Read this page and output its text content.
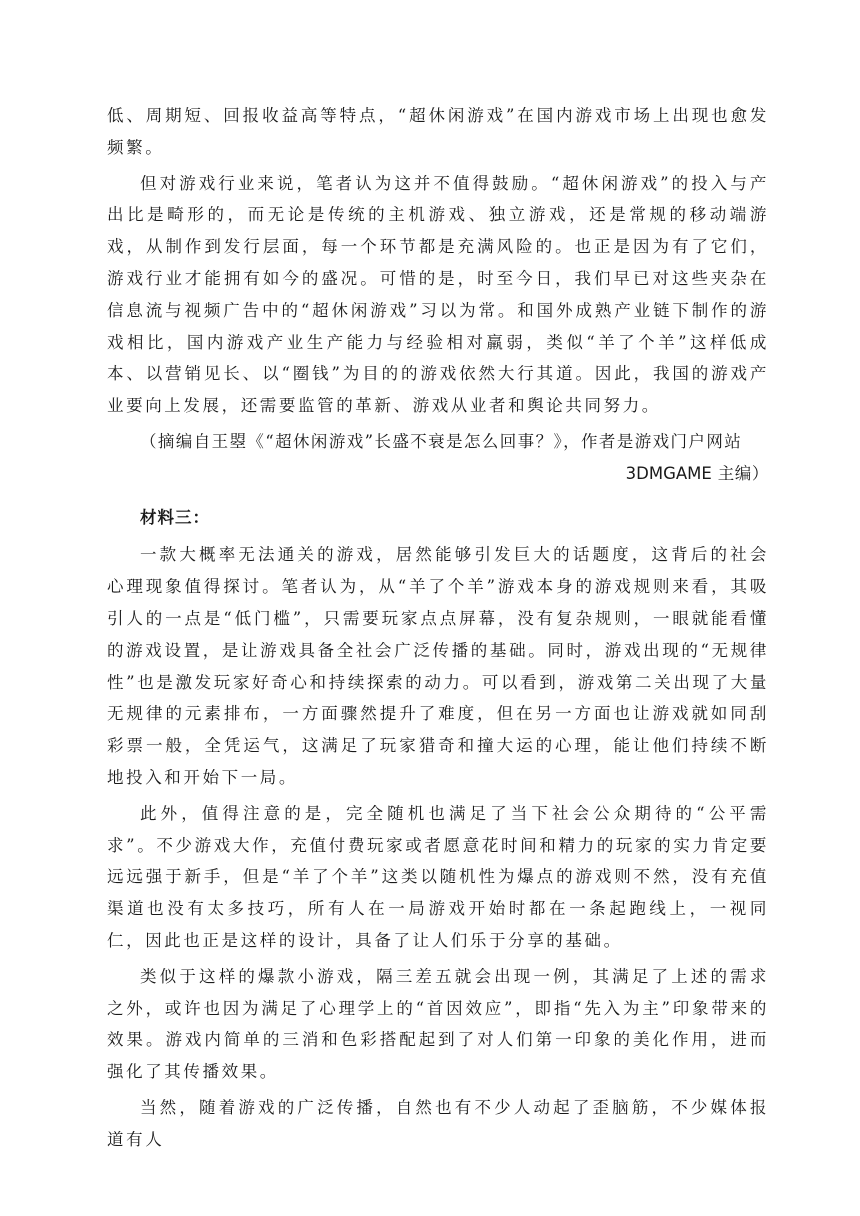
低、周期短、回报收益高等特点，“超休闲游戏”在国内游戏市场上出现也愈发频繁。

但对游戏行业来说，笔者认为这并不值得鼓励。“超休闲游戏”的投入与产出比是畸形的，而无论是传统的主机游戏、独立游戏，还是常规的移动端游戏，从制作到发行层面，每一个环节都是充满风险的。也正是因为有了它们，游戏行业才能拥有如今的盛况。可惜的是，时至今日，我们早已对这些夹杂在信息流与视频广告中的“超休闲游戏”习以为常。和国外成熟产业链下制作的游戏相比，国内游戏产业生产能力与经验相对羸弱，类似“羊了个羊”这样低成本、以营销见长、以“圈钱”为目的的游戏依然大行其道。因此，我国的游戏产业要向上发展，还需要监管的革新、游戏从业者和舆论共同努力。

（摘编自王曌《“超休闲游戏”长盛不衰是怎么回事？》，作者是游戏门户网站

3DMGAME 主编）

材料三：

一款大概率无法通关的游戏，居然能够引发巨大的话题度，这背后的社会心理现象值得探讨。笔者认为，从“羊了个羊”游戏本身的游戏规则来看，其吸引人的一点是“低门槛”，只需要玩家点点屏幕，没有复杂规则，一眼就能看懂的游戏设置，是让游戏具备全社会广泛传播的基础。同时，游戏出现的“无规律性”也是激发玩家好奇心和持续探索的动力。可以看到，游戏第二关出现了大量无规律的元素排布，一方面骤然提升了难度，但在另一方面也让游戏就如同刮彩票一般，全凭运气，这满足了玩家猎奇和撞大运的心理，能让他们持续不断地投入和开始下一局。

此外，值得注意的是，完全随机也满足了当下社会公众期待的“公平需求”。不少游戏大作，充值付费玩家或者愿意花时间和精力的玩家的实力肯定要远远强于新手，但是“羊了个羊”这类以随机性为爆点的游戏则不然，没有充值渠道也没有太多技巧，所有人在一局游戏开始时都在一条起跑线上，一视同仁，因此也正是这样的设计，具备了让人们乐于分享的基础。

类似于这样的爆款小游戏，隔三差五就会出现一例，其满足了上述的需求之外，或许也因为满足了心理学上的“首因效应”，即指“先入为主”印象带来的效果。游戏内简单的三消和色彩搭配起到了对人们第一印象的美化作用，进而强化了其传播效果。

当然，随着游戏的广泛传播，自然也有不少人动起了歪脑筋，不少媒体报道有人
